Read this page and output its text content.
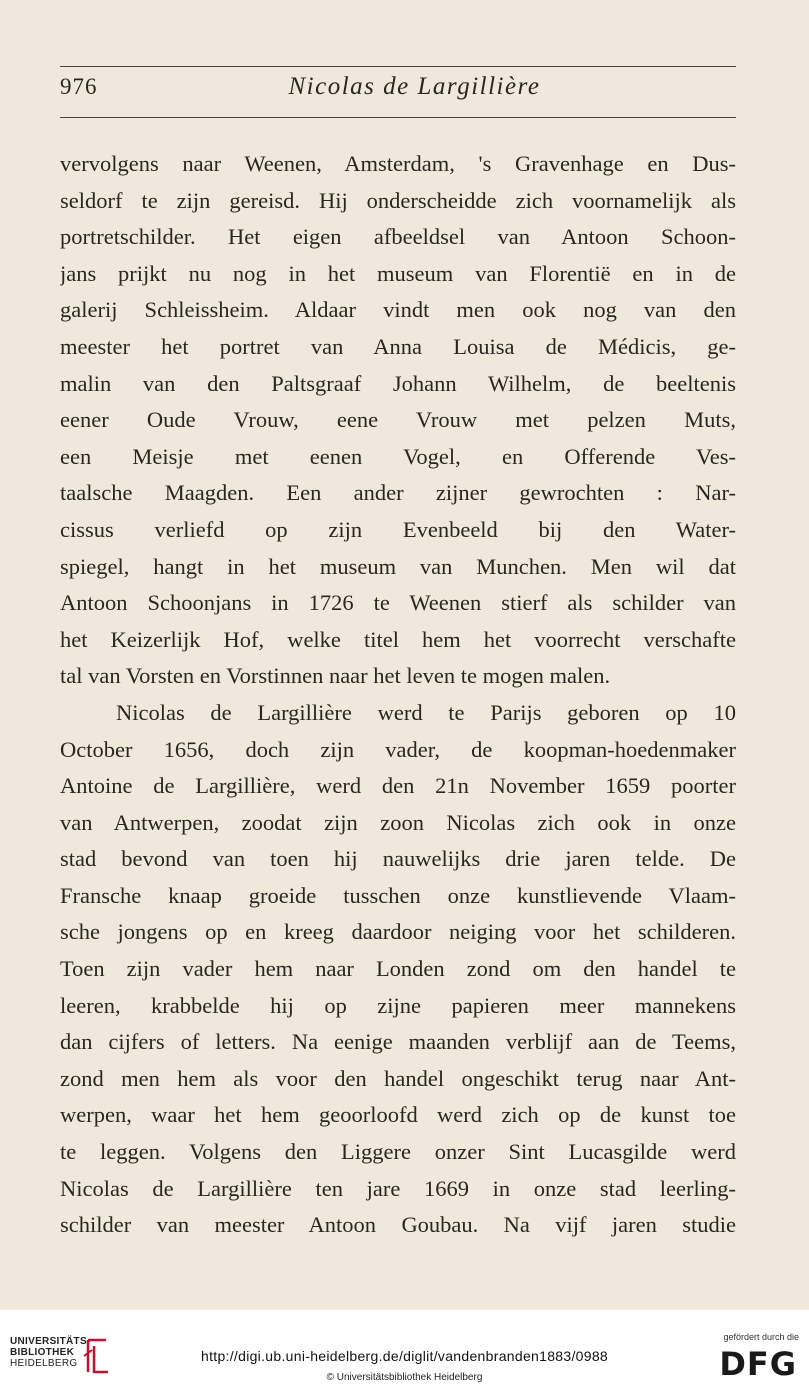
976	Nicolas de Largillière
vervolgens naar Weenen, Amsterdam, 's Gravenhage en Dus-
seldorf te zijn gereisd. Hij onderscheidde zich voornamelijk als
portretschilder. Het eigen afbeeldsel van Antoon Schoon-
jans prijkt nu nog in het museum van Florentië en in de
galerij Schleissheim. Aldaar vindt men ook nog van den
meester het portret van Anna Louisa de Médicis, ge-
malin van den Paltsgraaf Johann Wilhelm, de beeltenis
eener Oude Vrouw, eene Vrouw met pelzen Muts,
een Meisje met eenen Vogel, en Offerende Ves-
taalsche Maagden. Een ander zijner gewrochten : Nar-
cissus verliefd op zijn Evenbeeld bij den Water-
spiegel, hangt in het museum van Munchen. Men wil dat
Antoon Schoonjans in 1726 te Weenen stierf als schilder van
het Keizerlijk Hof, welke titel hem het voorrecht verschafte
tal van Vorsten en Vorstinnen naar het leven te mogen malen.
Nicolas de Largillière werd te Parijs geboren op 10
October 1656, doch zijn vader, de koopman-hoedenmaker
Antoine de Largillière, werd den 21n November 1659 poorter
van Antwerpen, zoodat zijn zoon Nicolas zich ook in onze
stad bevond van toen hij nauwelijks drie jaren telde. De
Fransche knaap groeide tusschen onze kunstlievende Vlaam-
sche jongens op en kreeg daardoor neiging voor het schilderen.
Toen zijn vader hem naar Londen zond om den handel te
leeren, krabbelde hij op zijne papieren meer mannekens
dan cijfers of letters. Na eenige maanden verblijf aan de Teems,
zond men hem als voor den handel ongeschikt terug naar Ant-
werpen, waar het hem geoorloofd werd zich op de kunst toe
te leggen. Volgens den Liggere onzer Sint Lucasgilde werd
Nicolas de Largillière ten jare 1669 in onze stad leerling-
schilder van meester Antoon Goubau. Na vijf jaren studie
UNIVERSITÄTS-
BIBLIOTHEK
HEIDELBERG	http://digi.ub.uni-heidelberg.de/diglit/vandenbranden1883/0988
© Universitätsbibliothek Heidelberg
gefördert durch die
DFG
